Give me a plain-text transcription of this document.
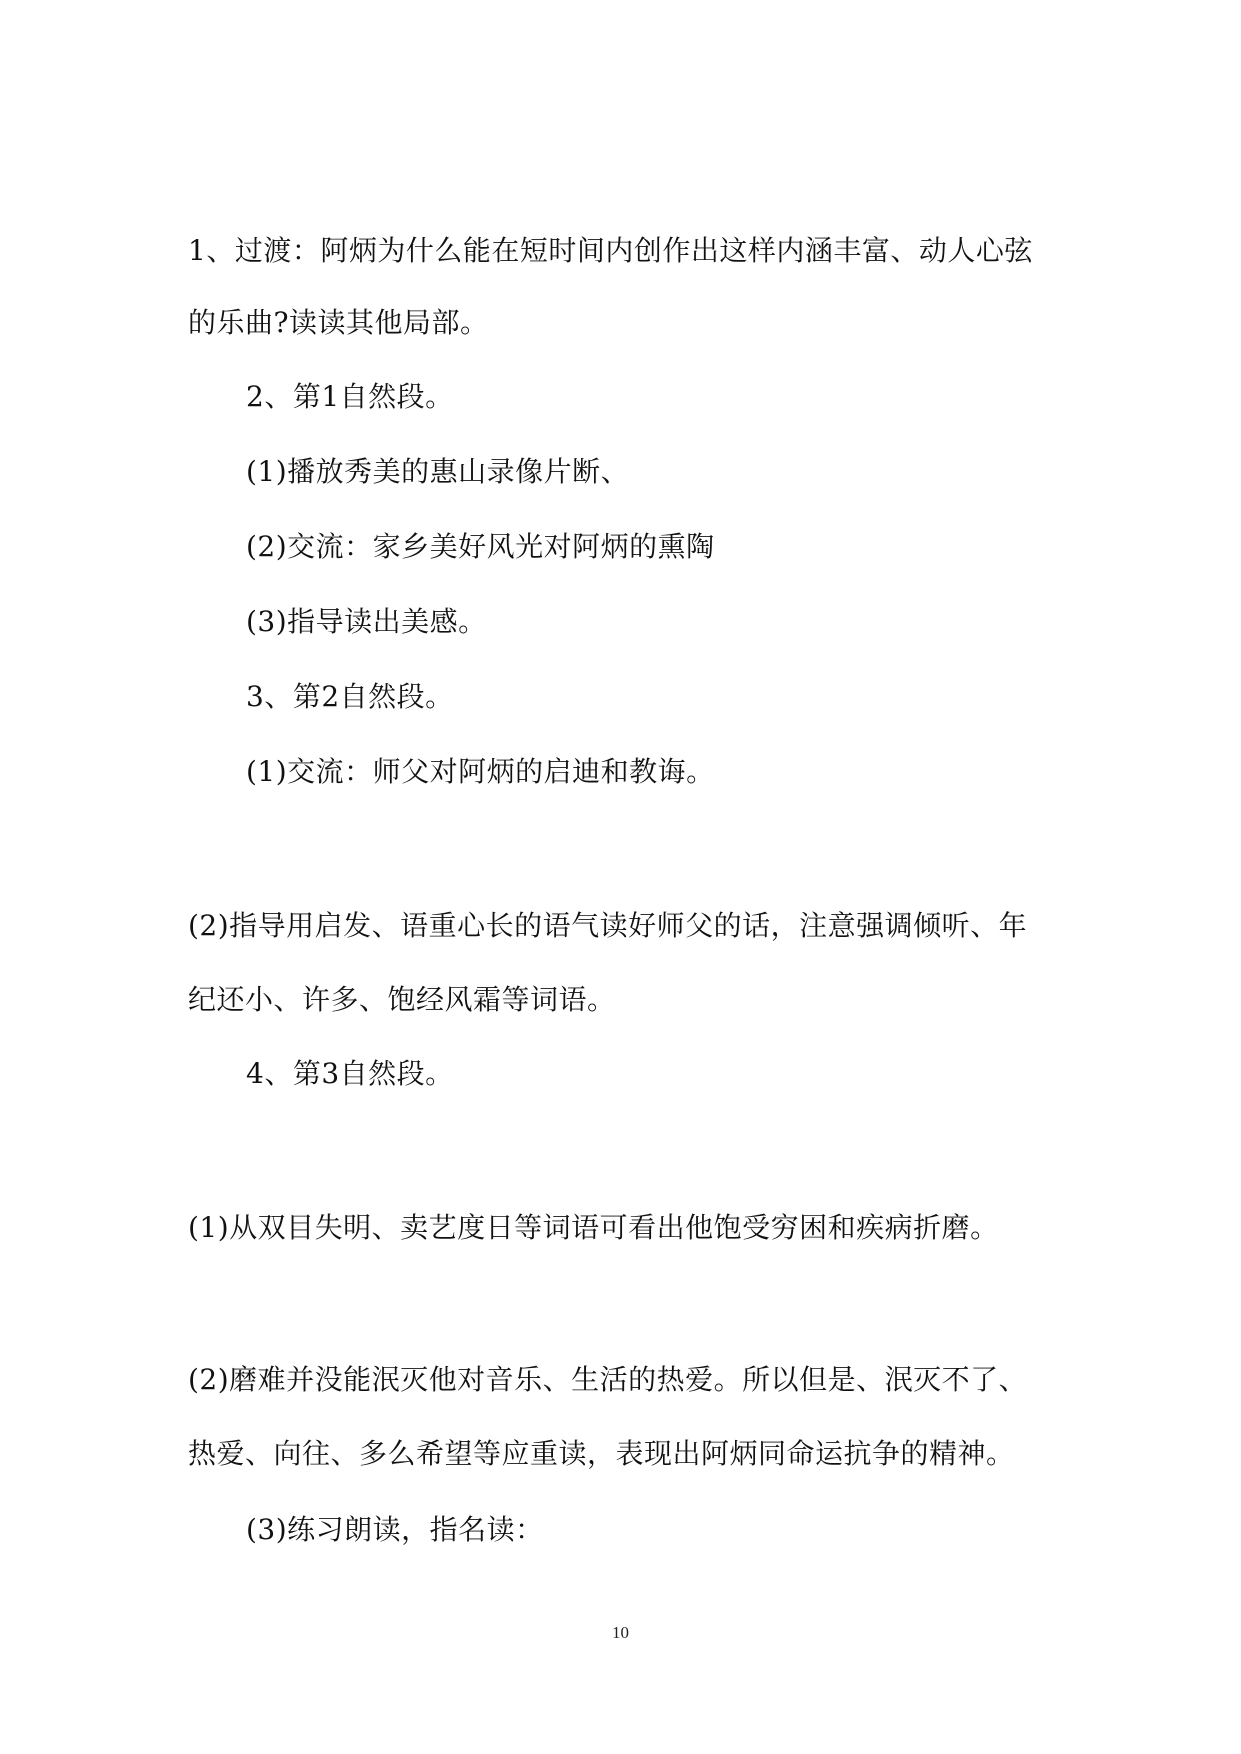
1、过渡：阿炳为什么能在短时间内创作出这样内涵丰富、动人心弦
的乐曲?读读其他局部。
2、第1自然段。
(1)播放秀美的惠山录像片断、
(2)交流：家乡美好风光对阿炳的熏陶
(3)指导读出美感。
3、第2自然段。
(1)交流：师父对阿炳的启迪和教诲。
(2)指导用启发、语重心长的语气读好师父的话，注意强调倾听、年
纪还小、许多、饱经风霜等词语。
4、第3自然段。
(1)从双目失明、卖艺度日等词语可看出他饱受穷困和疾病折磨。
(2)磨难并没能泯灭他对音乐、生活的热爱。所以但是、泯灭不了、
热爱、向往、多么希望等应重读，表现出阿炳同命运抗争的精神。
(3)练习朗读，指名读：
10
